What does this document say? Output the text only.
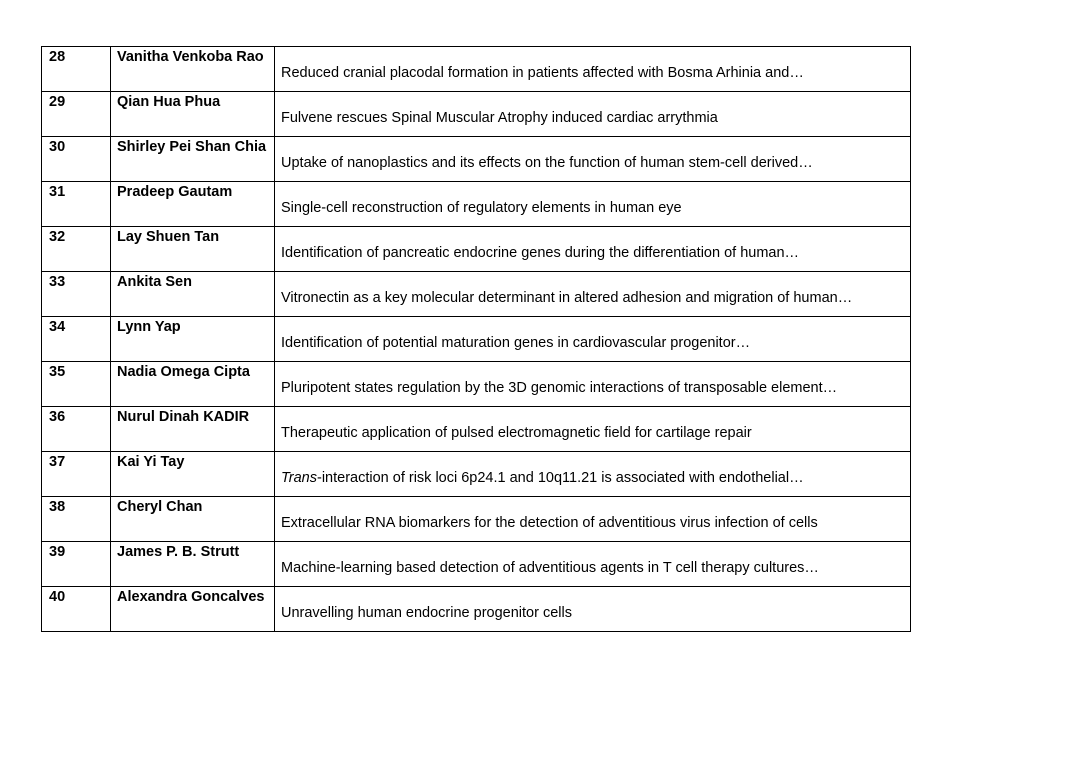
28	Vanitha Venkoba Rao	Reduced cranial placodal formation in patients affected with Bosma Arhinia and…
29	Qian Hua Phua	Fulvene rescues Spinal Muscular Atrophy induced cardiac arrythmia
30	Shirley Pei Shan Chia	Uptake of nanoplastics and its effects on the function of human stem-cell derived…
31	Pradeep Gautam	Single-cell reconstruction of regulatory elements in human eye
32	Lay Shuen Tan	Identification of pancreatic endocrine genes during the differentiation of human…
33	Ankita Sen	Vitronectin as a key molecular determinant in altered adhesion and migration of human…
34	Lynn Yap	Identification of potential maturation genes in cardiovascular progenitor…
35	Nadia Omega Cipta	Pluripotent states regulation by the 3D genomic interactions of transposable element…
36	Nurul Dinah KADIR	Therapeutic application of pulsed electromagnetic field for cartilage repair
37	Kai Yi Tay	Trans-interaction of risk loci 6p24.1 and 10q11.21 is associated with endothelial…
38	Cheryl Chan	Extracellular RNA biomarkers for the detection of adventitious virus infection of cells
39	James P. B. Strutt	Machine-learning based detection of adventitious agents in T cell therapy cultures…
40	Alexandra Goncalves	Unravelling human endocrine progenitor cells
